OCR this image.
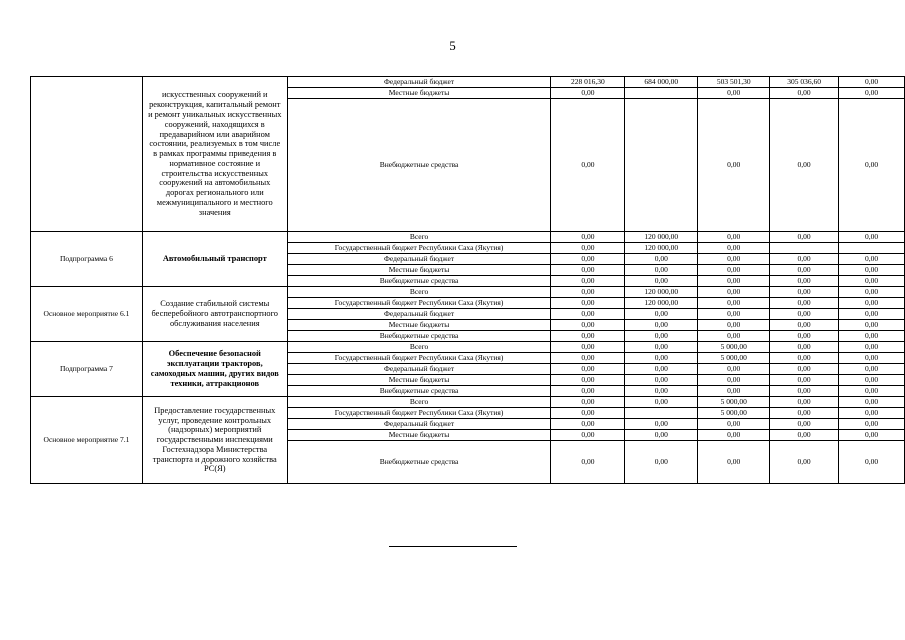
5
	искусственных сооружений и реконструкция, капитальный ремонт и ремонт уникальных искусственных сооружений, находящихся в предаварийном или аварийном состоянии, реализуемых в том числе в рамках программы приведения в нормативное состояние и строительства искусственных сооружений на автомобильных дорогах регионального или межмуниципального и местного значения	Федеральный бюджет	228 016,30	684 000,00	503 501,30	305 036,60	0,00
		Местные бюджеты	0,00		0,00	0,00	0,00
		Внебюджетные средства	0,00		0,00	0,00	0,00
Подпрограмма 6	Автомобильный транспорт	Всего	0,00	120 000,00	0,00	0,00	0,00
		Государственный бюджет Республики Саха (Якутия)	0,00	120 000,00	0,00		
		Федеральный бюджет	0,00	0,00	0,00	0,00	0,00
		Местные бюджеты	0,00	0,00	0,00	0,00	0,00
		Внебюджетные средства	0,00	0,00	0,00	0,00	0,00
Основное мероприятие 6.1	Создание стабильной системы бесперебойного автотранспортного обслуживания населения	Всего	0,00	120 000,00	0,00	0,00	0,00
		Государственный бюджет Республики Саха (Якутия)	0,00	120 000,00	0,00	0,00	0,00
		Федеральный бюджет	0,00	0,00	0,00	0,00	0,00
		Местные бюджеты	0,00	0,00	0,00	0,00	0,00
		Внебюджетные средства	0,00	0,00	0,00	0,00	0,00
Подпрограмма 7	Обеспечение безопасной эксплуатации тракторов, самоходных машин, других видов техники, аттракционов	Всего	0,00	0,00	5 000,00	0,00	0,00
		Государственный бюджет Республики Саха (Якутия)	0,00	0,00	5 000,00	0,00	0,00
		Федеральный бюджет	0,00	0,00	0,00	0,00	0,00
		Местные бюджеты	0,00	0,00	0,00	0,00	0,00
		Внебюджетные средства	0,00	0,00	0,00	0,00	0,00
Основное мероприятие 7.1	Предоставление государственных услуг, проведение контрольных (надзорных) мероприятий государственными инспекциями Гостехнадзора Министерства транспорта и дорожного хозяйства РС(Я)	Всего	0,00	0,00	5 000,00	0,00	0,00
		Государственный бюджет Республики Саха (Якутия)	0,00		5 000,00	0,00	0,00
		Федеральный бюджет	0,00	0,00	0,00	0,00	0,00
		Местные бюджеты	0,00	0,00	0,00	0,00	0,00
		Внебюджетные средства	0,00	0,00	0,00	0,00	0,00
